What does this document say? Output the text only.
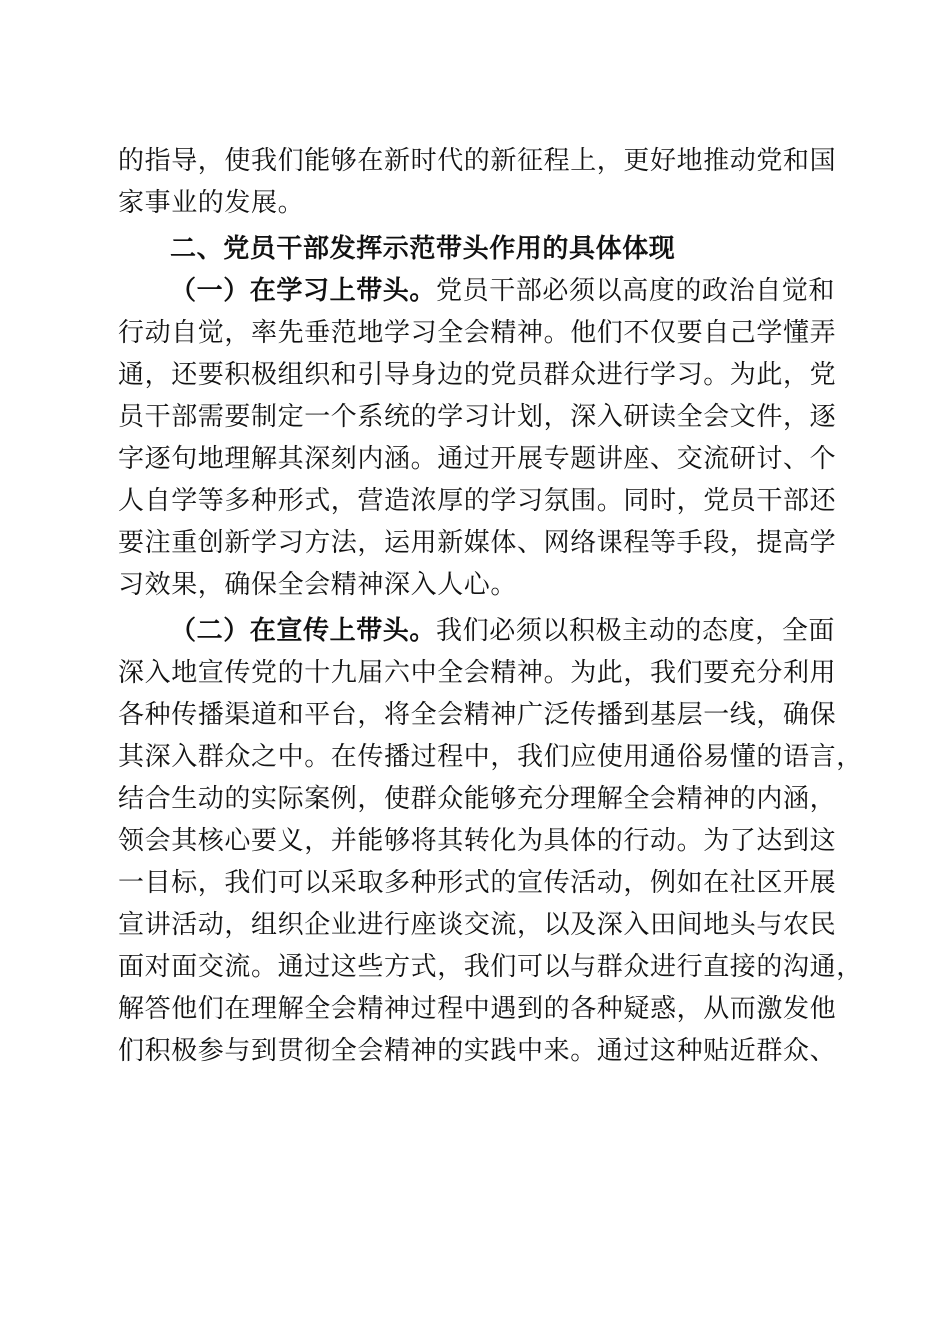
的指导，使我们能够在新时代的新征程上，更好地推动党和国
家事业的发展。
二、党员干部发挥示范带头作用的具体体现
（一）在学习上带头。党员干部必须以高度的政治自觉和
行动自觉，率先垂范地学习全会精神。他们不仅要自己学懂弄
通，还要积极组织和引导身边的党员群众进行学习。为此，党
员干部需要制定一个系统的学习计划，深入研读全会文件，逐
字逐句地理解其深刻内涵。通过开展专题讲座、交流研讨、个
人自学等多种形式，营造浓厚的学习氛围。同时，党员干部还
要注重创新学习方法，运用新媒体、网络课程等手段，提高学
习效果，确保全会精神深入人心。
（二）在宣传上带头。我们必须以积极主动的态度，全面
深入地宣传党的十九届六中全会精神。为此，我们要充分利用
各种传播渠道和平台，将全会精神广泛传播到基层一线，确保
其深入群众之中。在传播过程中，我们应使用通俗易懂的语言，
结合生动的实际案例，使群众能够充分理解全会精神的内涵，
领会其核心要义，并能够将其转化为具体的行动。为了达到这
一目标，我们可以采取多种形式的宣传活动，例如在社区开展
宣讲活动，组织企业进行座谈交流，以及深入田间地头与农民
面对面交流。通过这些方式，我们可以与群众进行直接的沟通，
解答他们在理解全会精神过程中遇到的各种疑惑，从而激发他
们积极参与到贯彻全会精神的实践中来。通过这种贴近群众、
